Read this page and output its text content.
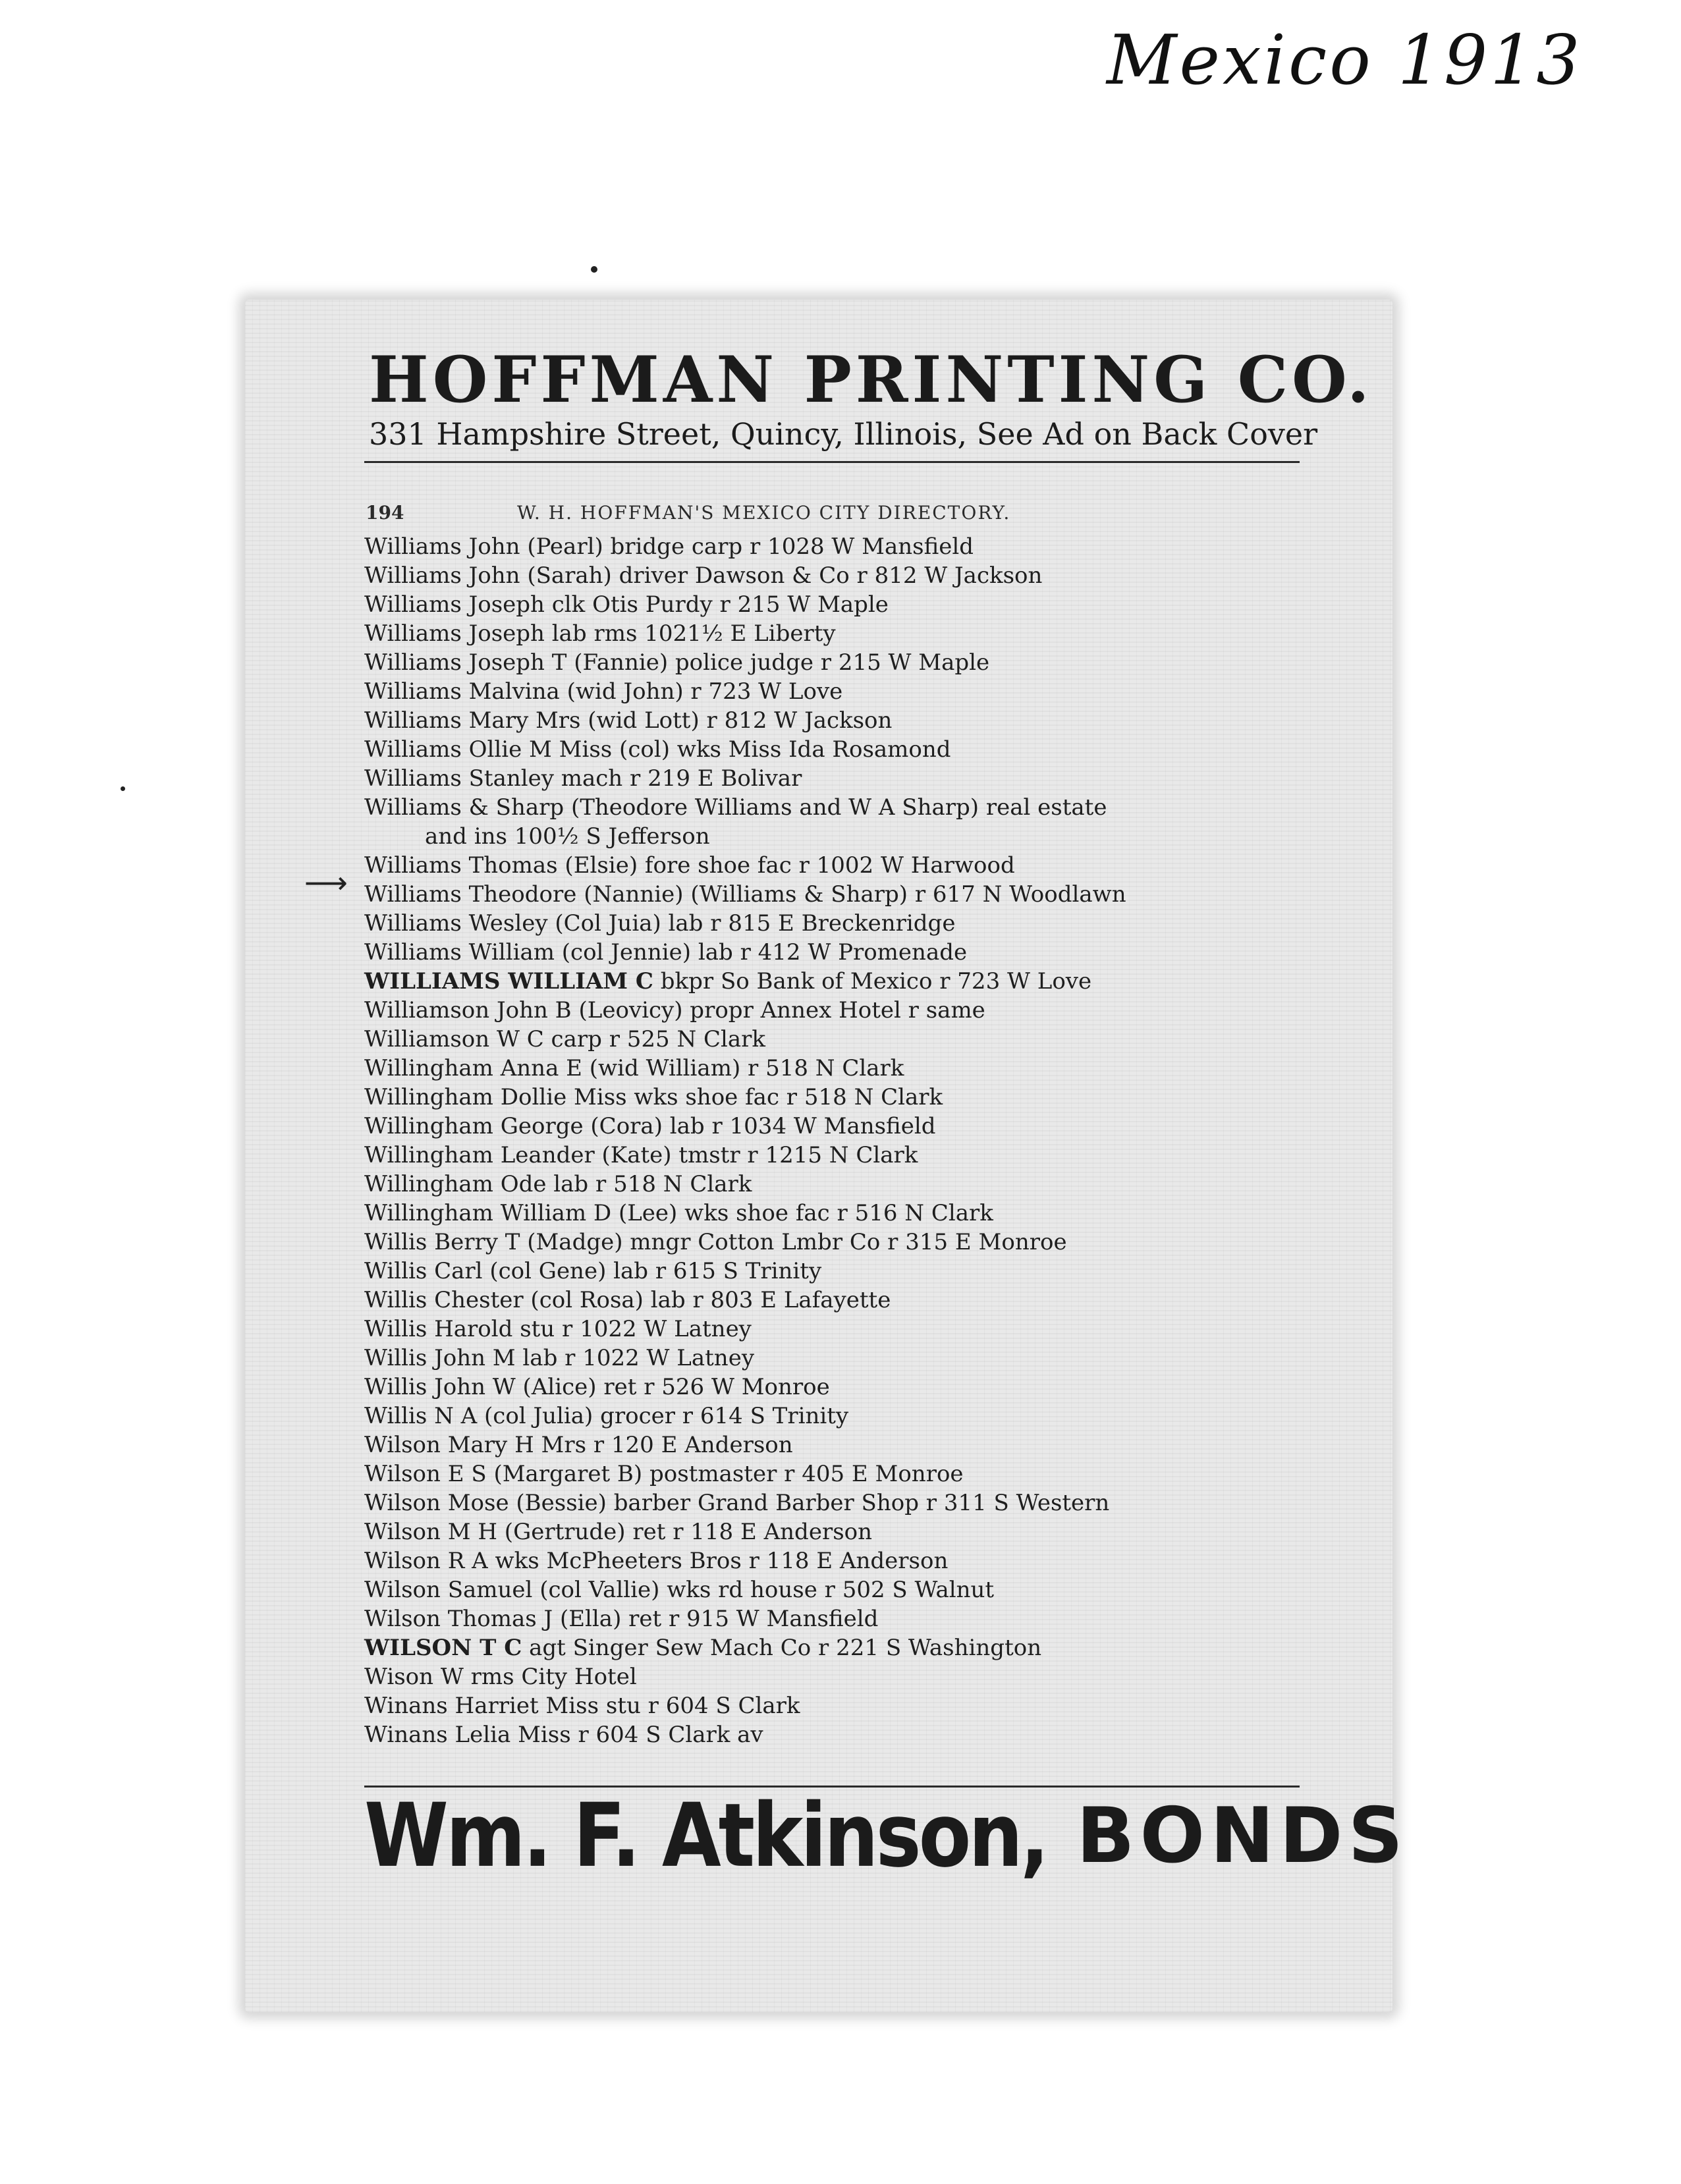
Mexico 1913
HOFFMAN PRINTING CO.
331 Hampshire Street, Quincy, Illinois, See Ad on Back Cover
194	W. H. HOFFMAN'S MEXICO CITY DIRECTORY.
⟶
Williams John (Pearl) bridge carp r 1028 W Mansfield
Williams John (Sarah) driver Dawson & Co r 812 W Jackson
Williams Joseph clk Otis Purdy r 215 W Maple
Williams Joseph lab rms 1021½ E Liberty
Williams Joseph T (Fannie) police judge r 215 W Maple
Williams Malvina (wid John) r 723 W Love
Williams Mary Mrs (wid Lott) r 812 W Jackson
Williams Ollie M Miss (col) wks Miss Ida Rosamond
Williams Stanley mach r 219 E Bolivar
Williams & Sharp (Theodore Williams and W A Sharp) real estate
and ins 100½ S Jefferson
Williams Thomas (Elsie) fore shoe fac r 1002 W Harwood
Williams Theodore (Nannie) (Williams & Sharp) r 617 N Woodlawn
Williams Wesley (Col Juia) lab r 815 E Breckenridge
Williams William (col Jennie) lab r 412 W Promenade
WILLIAMS WILLIAM C bkpr So Bank of Mexico r 723 W Love
Williamson John B (Leovicy) propr Annex Hotel r same
Williamson W C carp r 525 N Clark
Willingham Anna E (wid William) r 518 N Clark
Willingham Dollie Miss wks shoe fac r 518 N Clark
Willingham George (Cora) lab r 1034 W Mansfield
Willingham Leander (Kate) tmstr r 1215 N Clark
Willingham Ode lab r 518 N Clark
Willingham William D (Lee) wks shoe fac r 516 N Clark
Willis Berry T (Madge) mngr Cotton Lmbr Co r 315 E Monroe
Willis Carl (col Gene) lab r 615 S Trinity
Willis Chester (col Rosa) lab r 803 E Lafayette
Willis Harold stu r 1022 W Latney
Willis John M lab r 1022 W Latney
Willis John W (Alice) ret r 526 W Monroe
Willis N A (col Julia) grocer r 614 S Trinity
Wilson Mary H Mrs r 120 E Anderson
Wilson E S (Margaret B) postmaster r 405 E Monroe
Wilson Mose (Bessie) barber Grand Barber Shop r 311 S Western
Wilson M H (Gertrude) ret r 118 E Anderson
Wilson R A wks McPheeters Bros r 118 E Anderson
Wilson Samuel (col Vallie) wks rd house r 502 S Walnut
Wilson Thomas J (Ella) ret r 915 W Mansfield
WILSON T C agt Singer Sew Mach Co r 221 S Washington
Wison W rms City Hotel
Winans Harriet Miss stu r 604 S Clark
Winans Lelia Miss r 604 S Clark av
Wm. F. Atkinson, BONDS
